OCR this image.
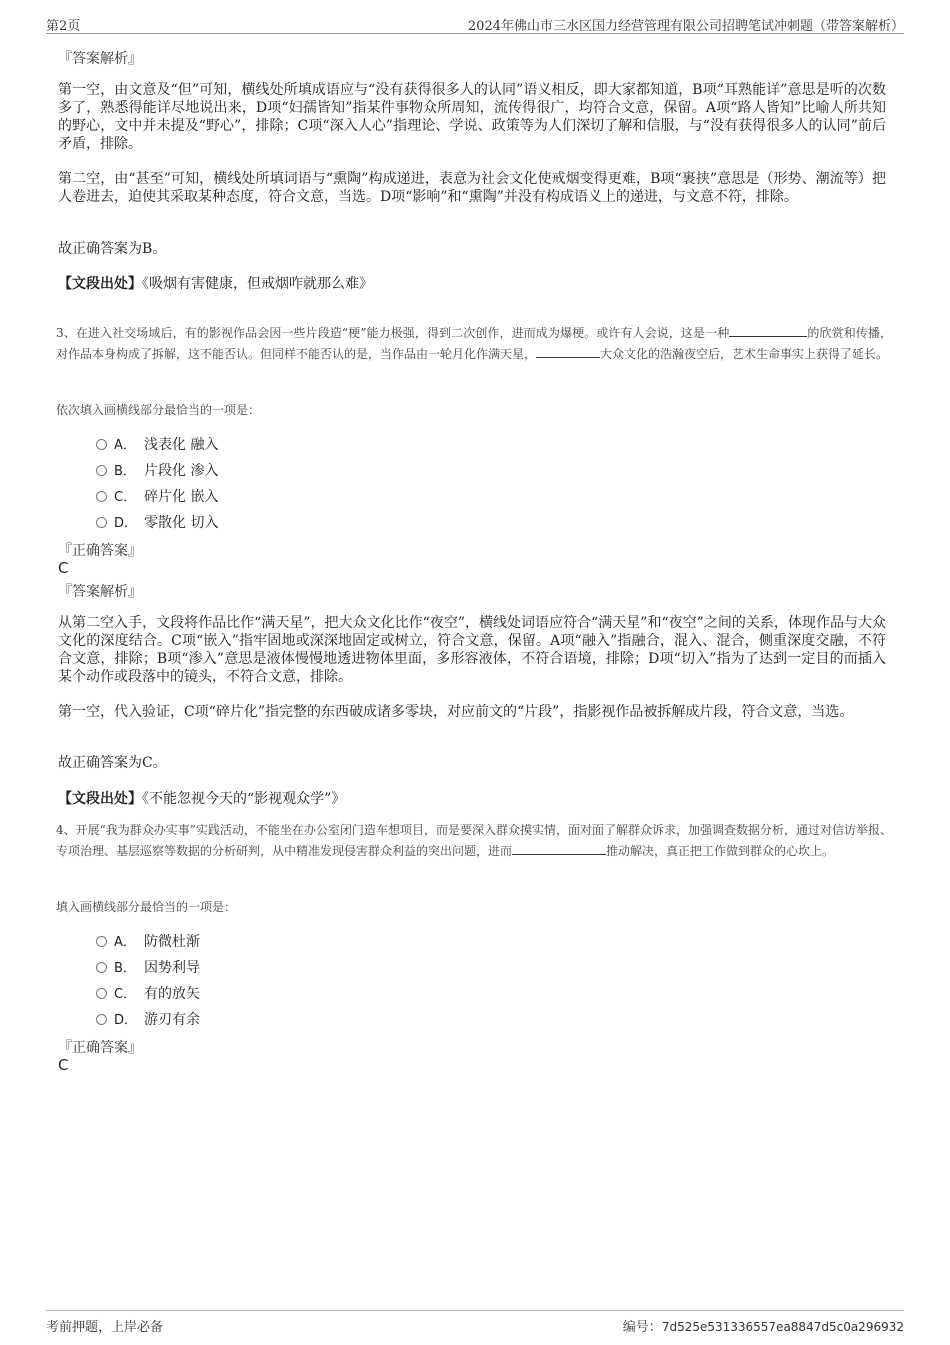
第2页	2024年佛山市三水区国力经营管理有限公司招聘笔试冲刺题（带答案解析）
『答案解析』
第一空，由文意及“但”可知，横线处所填成语应与“没有获得很多人的认同”语义相反，即大家都知道，B项“耳熟能详”意思是听的次数多了，熟悉得能详尽地说出来，D项“妇孺皆知”指某件事物众所周知，流传得很广，均符合文意，保留。A项“路人皆知”比喻人所共知的野心，文中并未提及“野心”，排除；C项“深入人心”指理论、学说、政策等为人们深切了解和信服，与“没有获得很多人的认同”前后矛盾，排除。
第二空，由“甚至”可知，横线处所填词语与“熏陶”构成递进，表意为社会文化使戒烟变得更难，B项“裹挟”意思是（形势、潮流等）把人卷进去，迫使其采取某种态度，符合文意，当选。D项“影响”和“熏陶”并没有构成语义上的递进，与文意不符，排除。
故正确答案为B。
【文段出处】《吸烟有害健康，但戒烟咋就那么难》
3、在进入社交场域后，有的影视作品会因一些片段造“梗”能力极强，得到二次创作，进而成为爆梗。或许有人会说，这是一种	的欣赏和传播，对作品本身构成了拆解，这不能否认。但同样不能否认的是，当作品由一轮月化作满天星，	大众文化的浩瀚夜空后，艺术生命事实上获得了延长。
依次填入画横线部分最恰当的一项是：
A． 浅表化 融入
B． 片段化 渗入
C． 碎片化 嵌入
D． 零散化 切入
『正确答案』
C
『答案解析』
从第二空入手，文段将作品比作“满天星”，把大众文化比作“夜空”，横线处词语应符合“满天星”和“夜空”之间的关系，体现作品与大众文化的深度结合。C项“嵌入”指牢固地或深深地固定或树立，符合文意，保留。A项“融入”指融合，混入、混合，侧重深度交融，不符合文意，排除；B项“渗入”意思是液体慢慢地透进物体里面，多形容液体，不符合语境，排除；D项“切入”指为了达到一定目的而插入某个动作或段落中的镜头，不符合文意，排除。
第一空，代入验证，C项“碎片化”指完整的东西破成诸多零块，对应前文的“片段”，指影视作品被拆解成片段，符合文意，当选。
故正确答案为C。
【文段出处】《不能忽视今天的“影视观众学”》
4、开展“我为群众办实事”实践活动，不能坐在办公室闭门造车想项目，而是要深入群众摸实情，面对面了解群众诉求，加强调查数据分析，通过对信访举报、专项治理、基层巡察等数据的分析研判，从中精准发现侵害群众利益的突出问题，进而	推动解决，真正把工作做到群众的心坎上。
填入画横线部分最恰当的一项是：
A． 防微杜渐
B． 因势利导
C． 有的放矢
D． 游刃有余
『正确答案』
C
考前押题，上岸必备	编号：7d525e531336557ea8847d5c0a296932
